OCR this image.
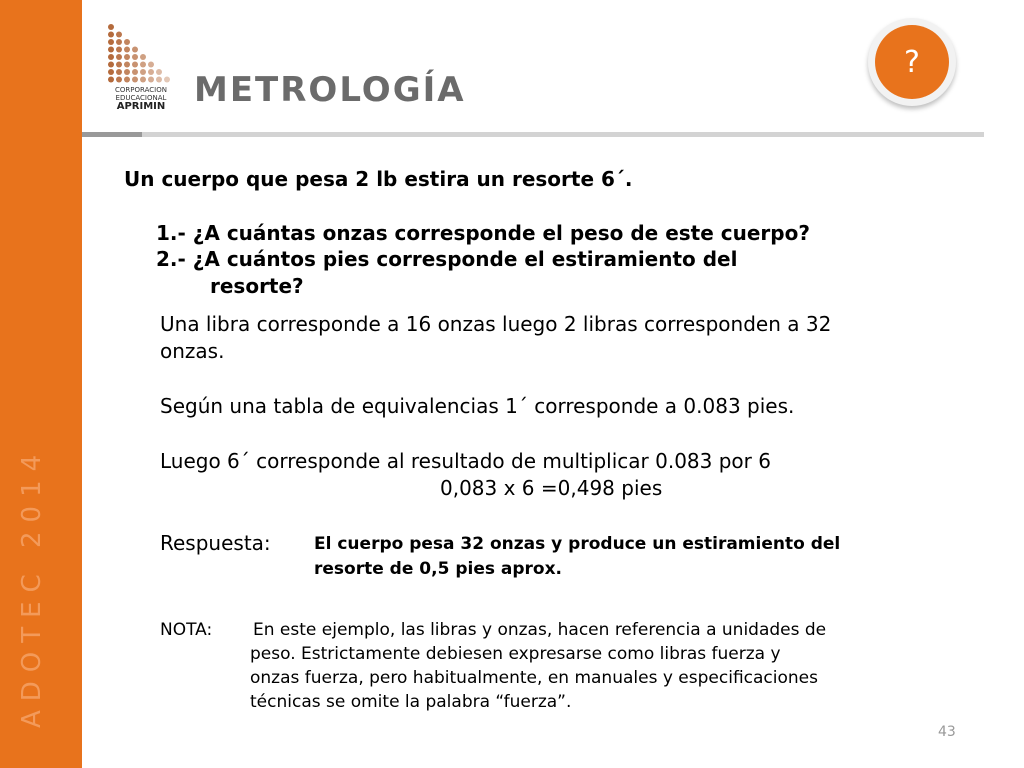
ADOTEC 2014
CORPORACION
EDUCACIONAL
APRIMIN METROLOGÍA
?
Un cuerpo que pesa 2 lb estira un resorte 6´.
1.- ¿A cuántas onzas corresponde el peso de este cuerpo?
2.- ¿A cuántos pies corresponde el estiramiento del
resorte?
Una libra corresponde a 16 onzas luego 2 libras corresponden a 32
onzas.
Según una tabla de equivalencias 1´ corresponde a 0.083 pies.
Luego 6´ corresponde al resultado de multiplicar 0.083 por 6
0,083 x 6 =0,498 pies
Respuesta:	El cuerpo pesa 32 onzas y produce un estiramiento del
resorte de 0,5 pies aprox.
NOTA: En este ejemplo, las libras y onzas, hacen referencia a unidades de
peso. Estrictamente debiesen expresarse como libras fuerza y
onzas fuerza, pero habitualmente, en manuales y especificaciones
técnicas se omite la palabra “fuerza”.
43
